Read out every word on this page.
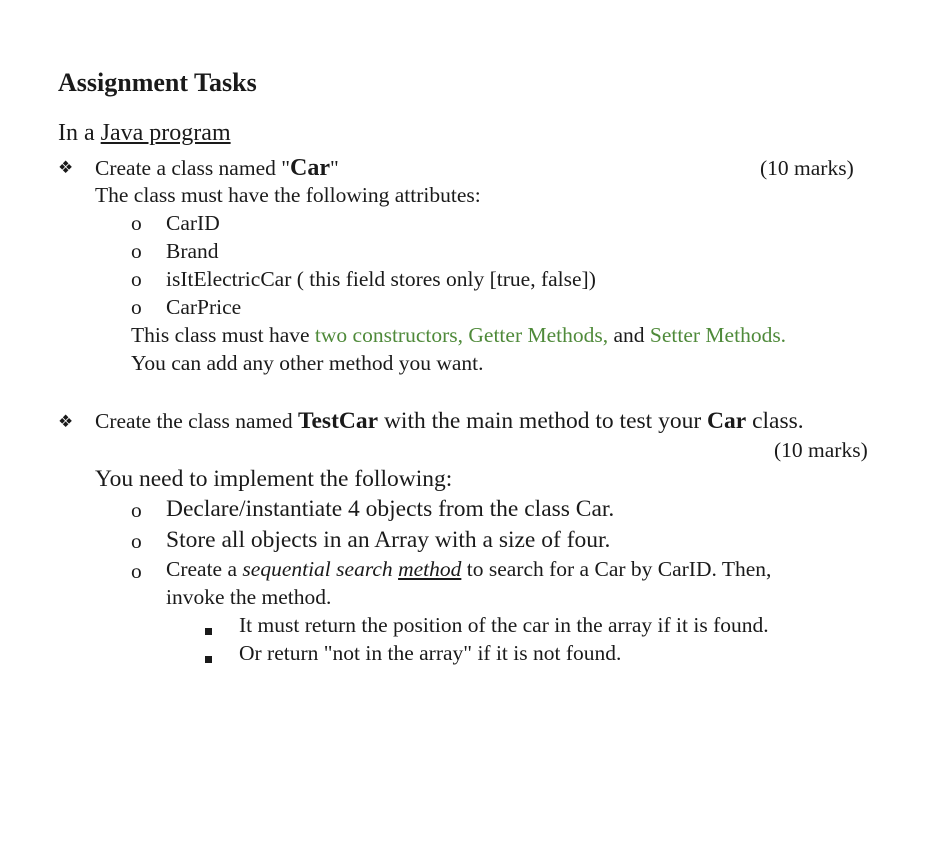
Assignment Tasks
In a Java program
❖ Create a class named "Car"	(10 marks)
The class must have the following attributes:
o CarID
o Brand
o isItElectricCar ( this field stores only [true, false])
o CarPrice
This class must have two constructors, Getter Methods, and Setter Methods.
You can add any other method you want.
❖ Create the class named TestCar with the main method to test your Car class.
(10 marks)
You need to implement the following:
o Declare/instantiate 4 objects from the class Car.
o Store all objects in an Array with a size of four.
o Create a sequential search method to search for a Car by CarID. Then,
invoke the method.
It must return the position of the car in the array if it is found.
Or return "not in the array" if it is not found.
